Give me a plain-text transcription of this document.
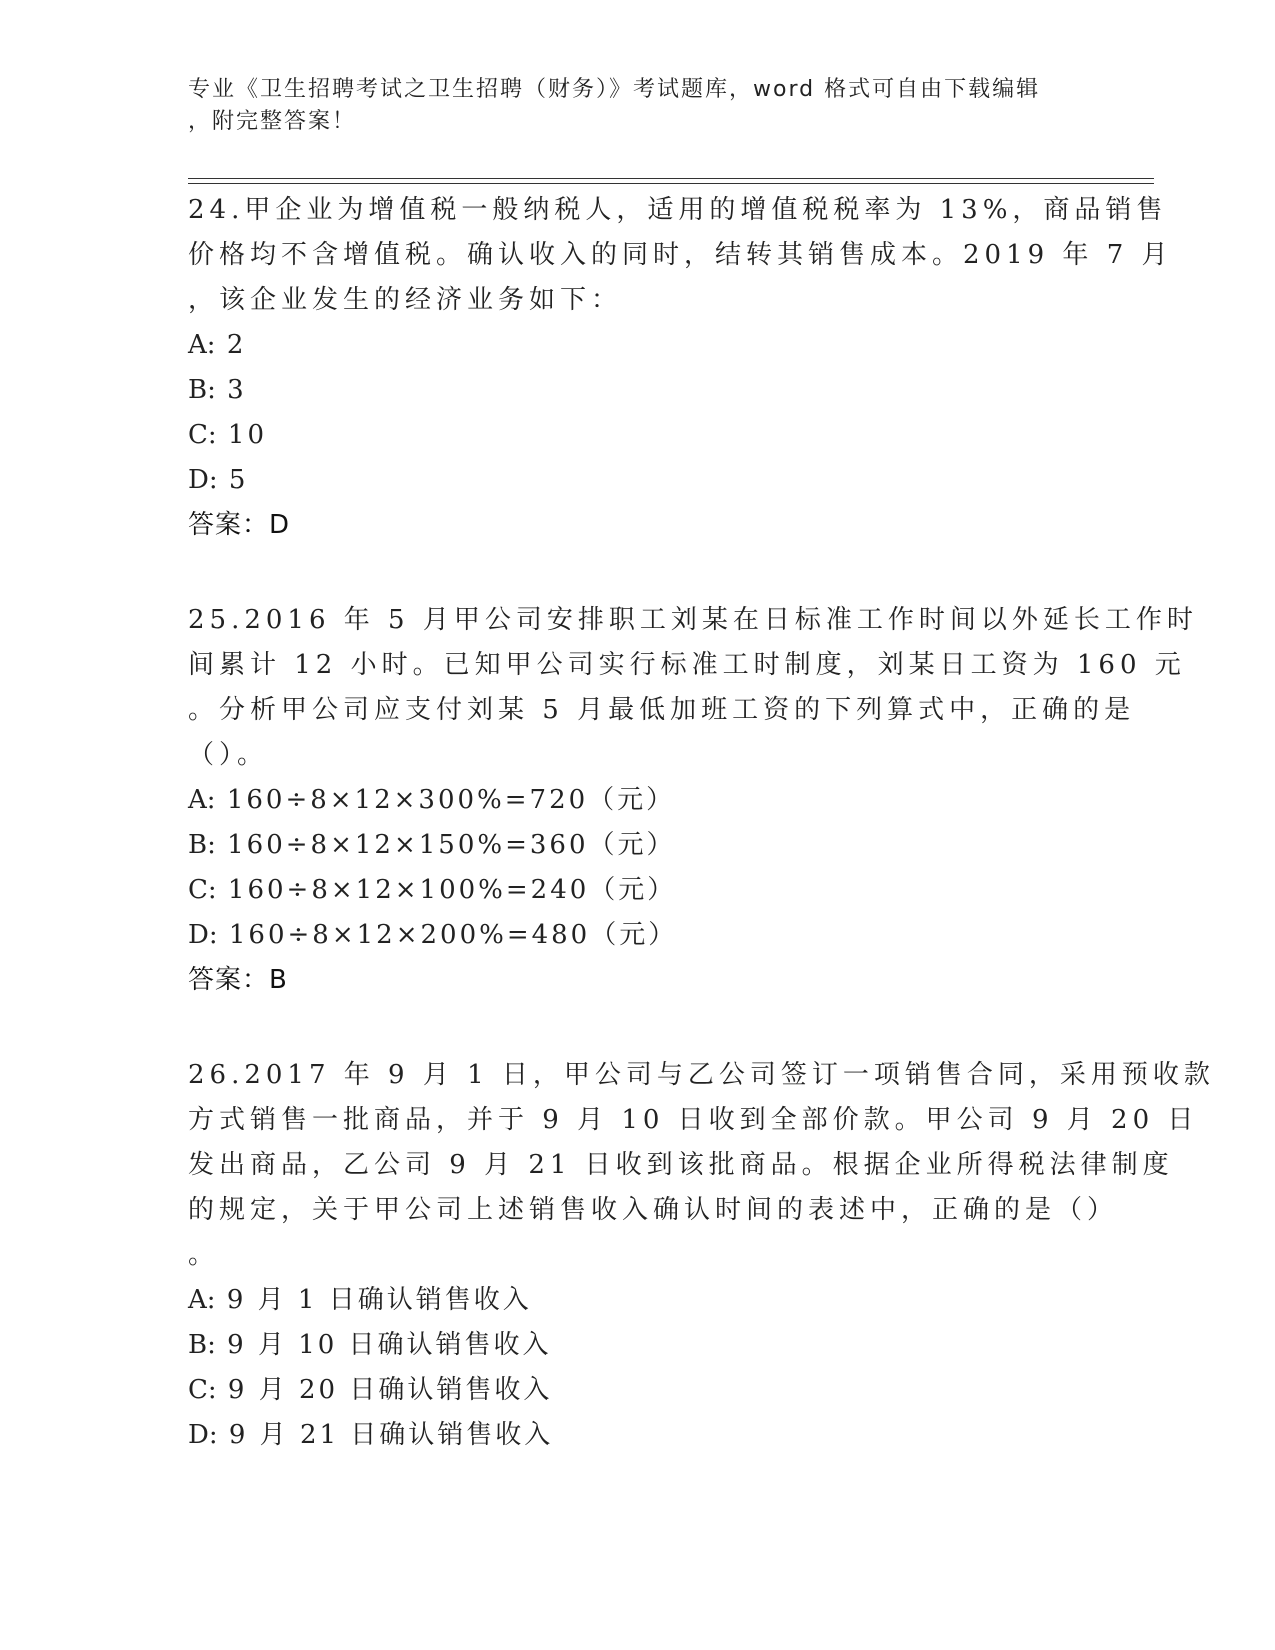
专业《卫生招聘考试之卫生招聘（财务）》考试题库，word 格式可自由下载编辑
，附完整答案！

24.甲企业为增值税一般纳税人，适用的增值税税率为 13%，商品销售

价格均不含增值税。确认收入的同时，结转其销售成本。2019 年 7 月

，该企业发生的经济业务如下：

A: 2

B: 3

C: 10

D: 5

答案：D

25.2016 年 5 月甲公司安排职工刘某在日标准工作时间以外延长工作时

间累计 12 小时。已知甲公司实行标准工时制度，刘某日工资为 160 元

。分析甲公司应支付刘某 5 月最低加班工资的下列算式中，正确的是

（）。

A: 160÷8×12×300%=720（元）

B: 160÷8×12×150%=360（元）

C: 160÷8×12×100%=240（元）

D: 160÷8×12×200%=480（元）

答案：B

26.2017 年 9 月 1 日，甲公司与乙公司签订一项销售合同，采用预收款

方式销售一批商品，并于 9 月 10 日收到全部价款。甲公司 9 月 20 日

发出商品，乙公司 9 月 21 日收到该批商品。根据企业所得税法律制度

的规定，关于甲公司上述销售收入确认时间的表述中，正确的是（）

。

A: 9 月 1 日确认销售收入

B: 9 月 10 日确认销售收入

C: 9 月 20 日确认销售收入

D: 9 月 21 日确认销售收入
